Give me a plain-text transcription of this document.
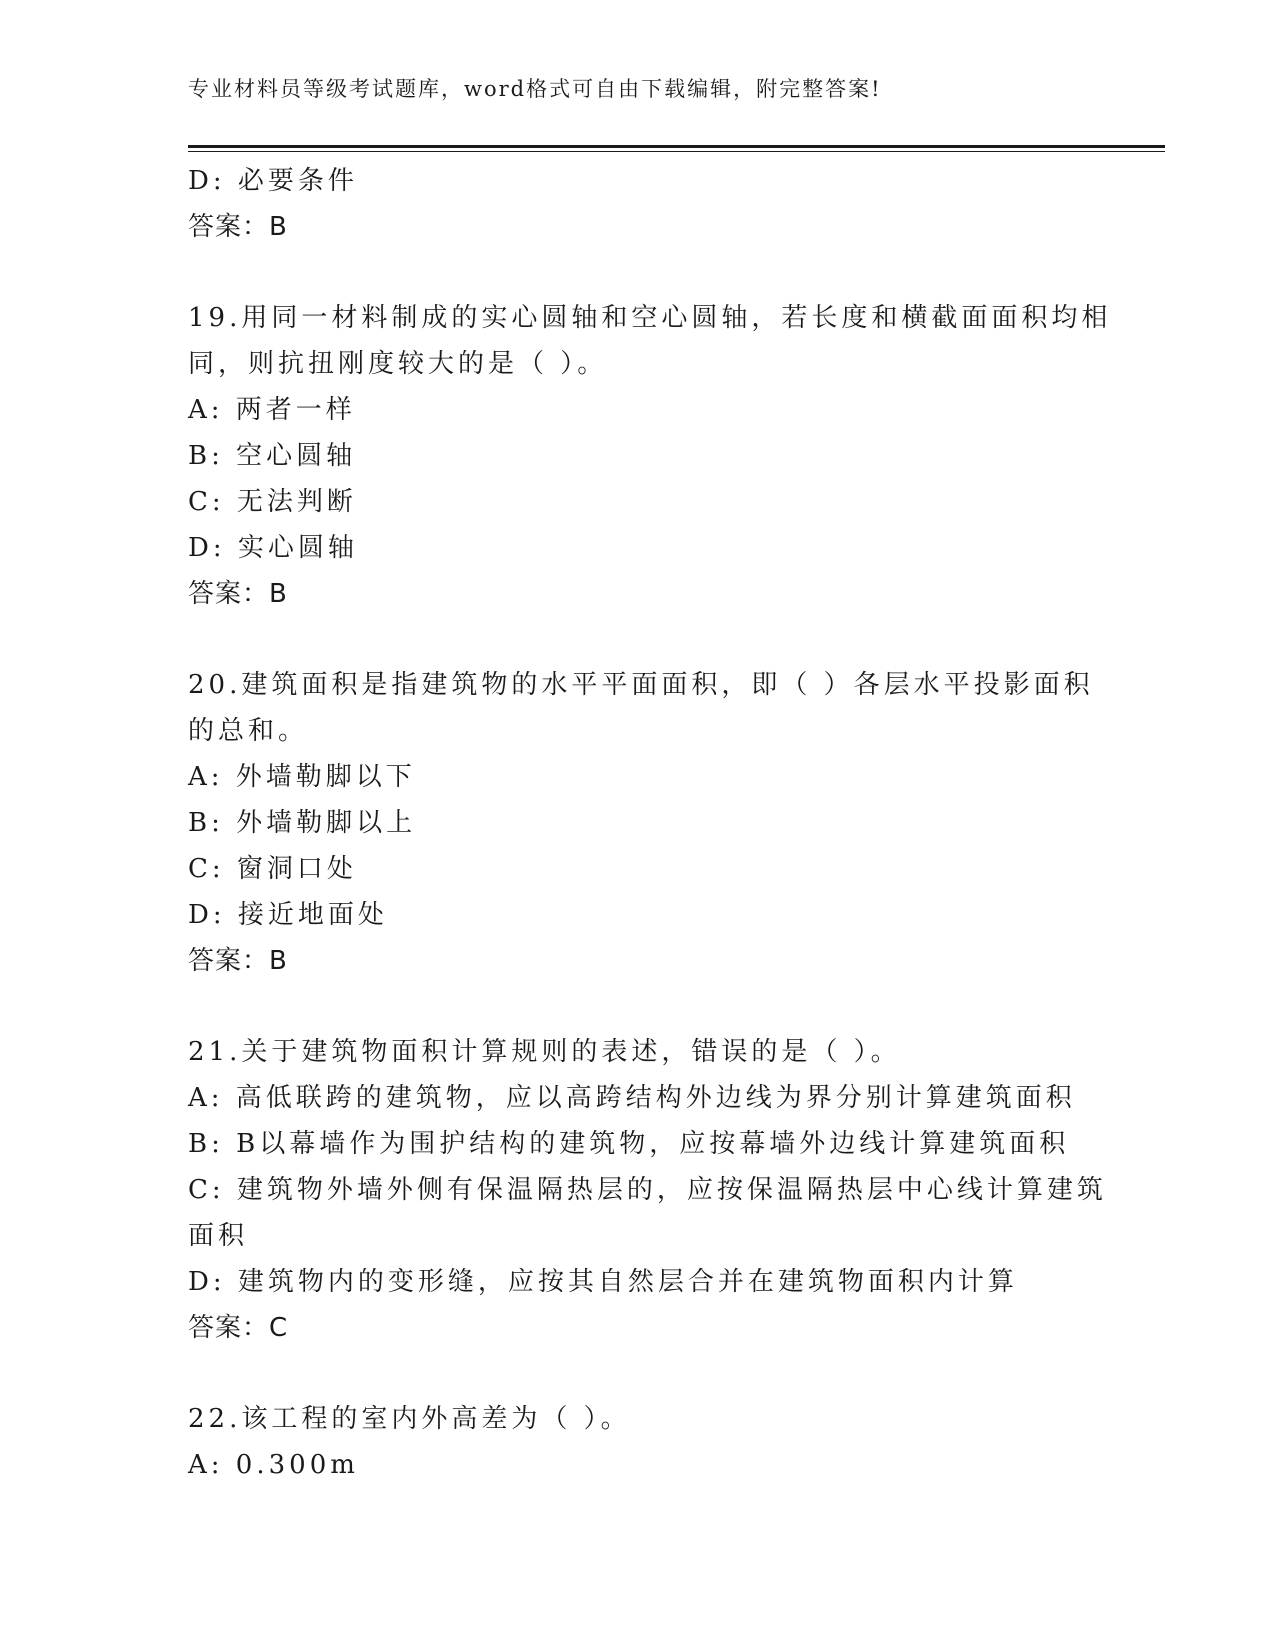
专业材料员等级考试题库，word格式可自由下载编辑，附完整答案!
D: 必要条件
答案：B
19.用同一材料制成的实心圆轴和空心圆轴，若长度和横截面面积均相
同，则抗扭刚度较大的是（ ）。
A: 两者一样
B: 空心圆轴
C: 无法判断
D: 实心圆轴
答案：B
20.建筑面积是指建筑物的水平平面面积，即（ ）各层水平投影面积
的总和。
A: 外墙勒脚以下
B: 外墙勒脚以上
C: 窗洞口处
D: 接近地面处
答案：B
21.关于建筑物面积计算规则的表述，错误的是（ ）。
A: 高低联跨的建筑物，应以高跨结构外边线为界分别计算建筑面积
B: B以幕墙作为围护结构的建筑物，应按幕墙外边线计算建筑面积
C: 建筑物外墙外侧有保温隔热层的，应按保温隔热层中心线计算建筑
面积
D: 建筑物内的变形缝，应按其自然层合并在建筑物面积内计算
答案：C
22.该工程的室内外高差为（ ）。
A: 0.300m
